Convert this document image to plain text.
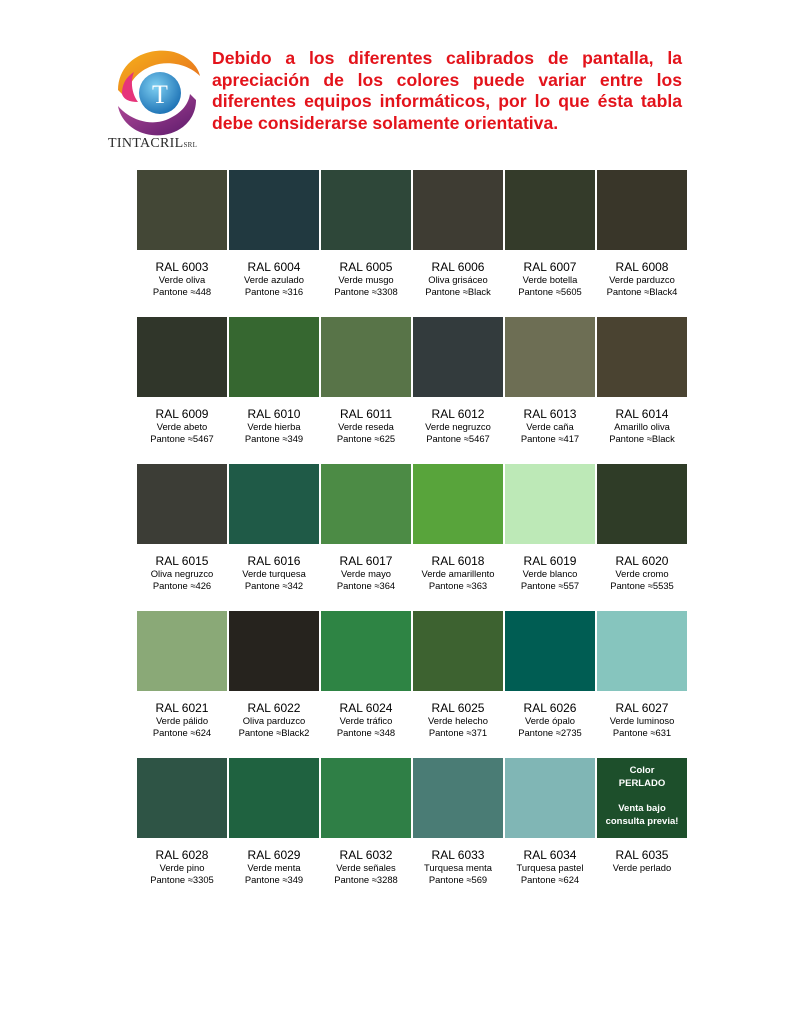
T
TINTACRILSRL
Debido a los diferentes calibrados de pantalla, la apreciación de los colores puede variar entre los diferentes equipos informáticos, por lo que ésta tabla debe considerarse solamente orientativa.
RAL 6003
Verde oliva
Pantone ≈448
RAL 6004
Verde azulado
Pantone ≈316
RAL 6005
Verde musgo
Pantone ≈3308
RAL 6006
Oliva grisáceo
Pantone ≈Black
RAL 6007
Verde botella
Pantone ≈5605
RAL 6008
Verde parduzco
Pantone ≈Black4
RAL 6009
Verde abeto
Pantone ≈5467
RAL 6010
Verde hierba
Pantone ≈349
RAL 6011
Verde reseda
Pantone ≈625
RAL 6012
Verde negruzco
Pantone ≈5467
RAL 6013
Verde caña
Pantone ≈417
RAL 6014
Amarillo oliva
Pantone ≈Black
RAL 6015
Oliva negruzco
Pantone ≈426
RAL 6016
Verde turquesa
Pantone ≈342
RAL 6017
Verde mayo
Pantone ≈364
RAL 6018
Verde amarillento
Pantone ≈363
RAL 6019
Verde blanco
Pantone ≈557
RAL 6020
Verde cromo
Pantone ≈5535
RAL 6021
Verde pálido
Pantone ≈624
RAL 6022
Oliva parduzco
Pantone ≈Black2
RAL 6024
Verde tráfico
Pantone ≈348
RAL 6025
Verde helecho
Pantone ≈371
RAL 6026
Verde ópalo
Pantone ≈2735
RAL 6027
Verde luminoso
Pantone ≈631
RAL 6028
Verde pino
Pantone ≈3305
RAL 6029
Verde menta
Pantone ≈349
RAL 6032
Verde señales
Pantone ≈3288
RAL 6033
Turquesa menta
Pantone ≈569
RAL 6034
Turquesa pastel
Pantone ≈624
Color
PERLADO
Venta bajo
consulta previa!
RAL 6035
Verde perlado
